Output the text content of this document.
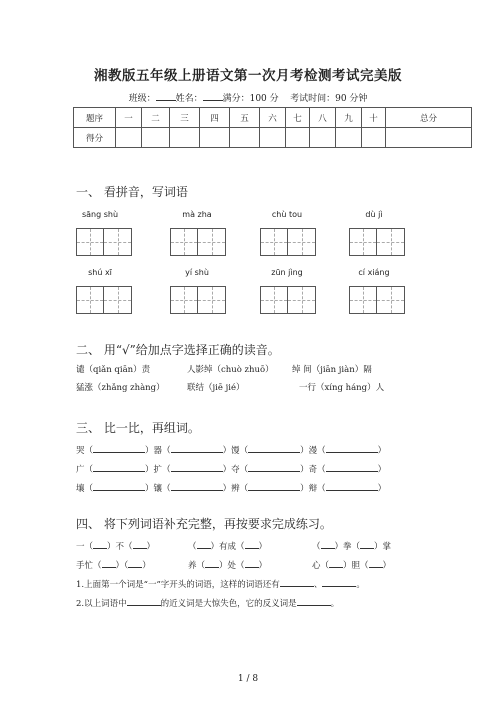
湘教版五年级上册语文第一次月考检测考试完美版
班级： 姓名： 满分：100 分 考试时间：90 分钟
题序	一	二	三	四	五	六	七	八	九	十	总分
得分											
一、 看拼音，写词语
sāng shù	mà zha	chù tou	dù jì
shú xī	yí shù	zūn jìng	cí xiáng
二、 用“√”给加点字选择正确的读音。
谴（qiǎn qiān）责	人影绰（chuò zhuō） 绰 间（jiān jiàn）隔
猛涨（zhǎng zhàng）	联结（jiē jié）	一行（xíng háng）人
三、 比一比，再组词。
哭（	）器（	）馒（	）漫（	）
广（	）扩（	）夺（	）奇（	）
壤（	）镶（	）辨（	）辩（	）
四、 将下列词语补充完整，再按要求完成练习。
一（ ）不（ ）	（ ）有成（ ）	（ ）拳（ ）掌
手忙（ ）（ ）	养（ ）处（ ）	心（ ）胆（ ）
1.上面第一个词是“一”字开头的词语，这样的词语还有	、	。
2.以上词语中	的近义词是大惊失色，它的反义词是	。
1 / 8
